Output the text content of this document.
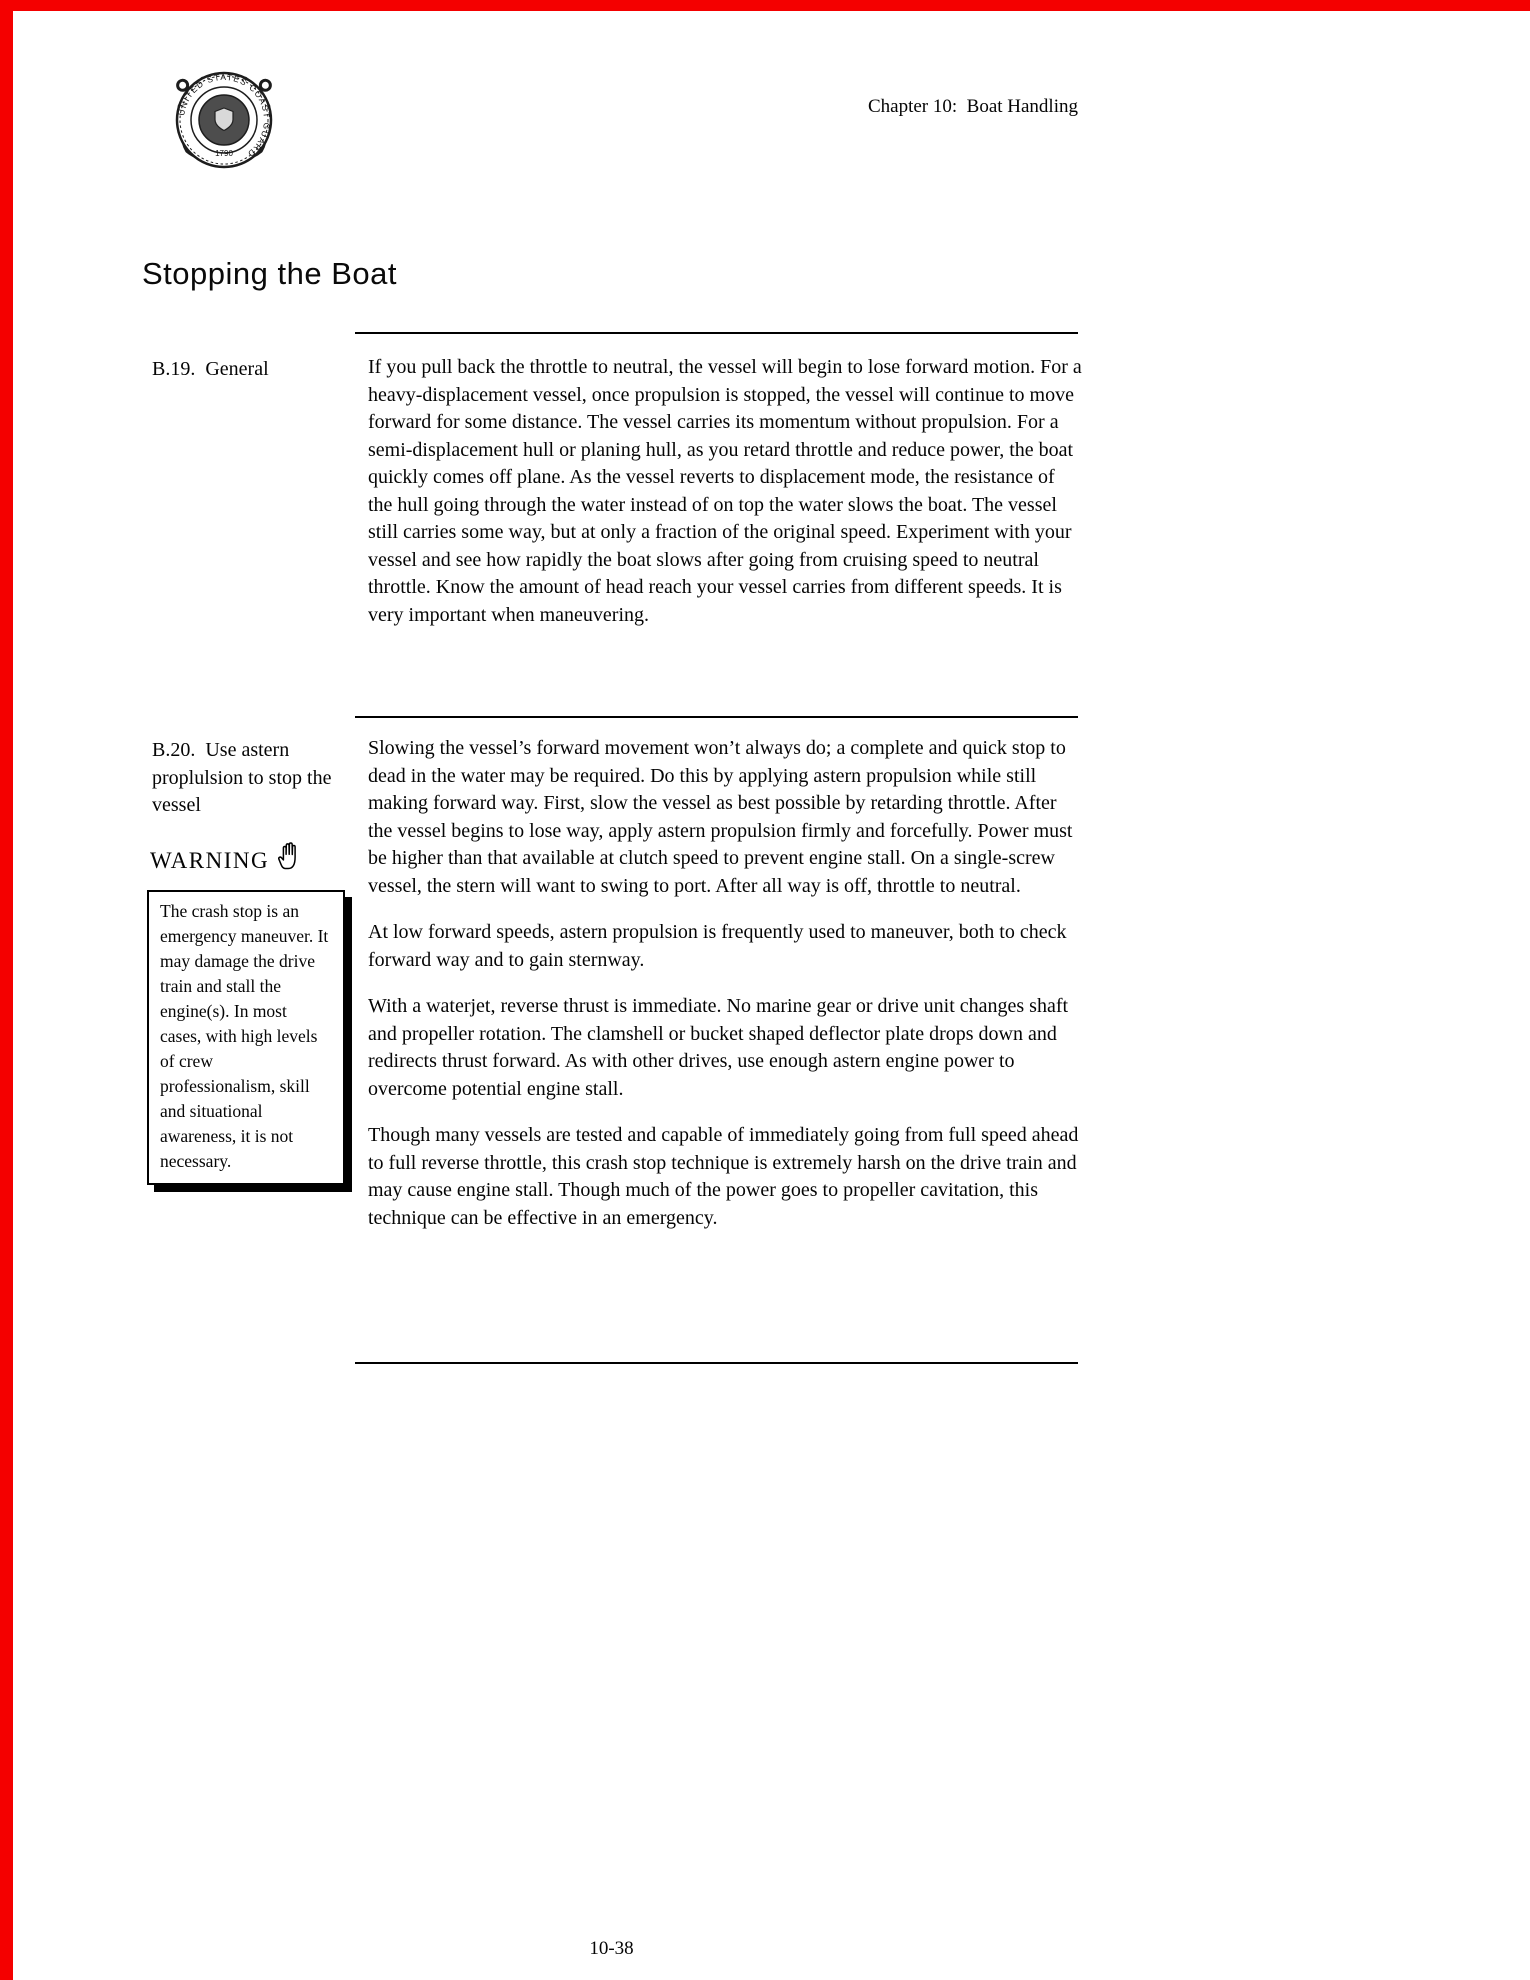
UNITED STATES COAST GUARD
1790
Chapter 10:  Boat Handling
Stopping the Boat
B.19.  General	If you pull back the throttle to neutral, the vessel will begin to lose forward motion. For a heavy-displacement vessel, once propulsion is stopped, the vessel will continue to move forward for some distance. The vessel carries its momentum without propulsion. For a semi-displacement hull or planing hull, as you retard throttle and reduce power, the boat quickly comes off plane. As the vessel reverts to displacement mode, the resistance of the hull going through the water instead of on top the water slows the boat. The vessel still carries some way, but at only a fraction of the original speed. Experiment with your vessel and see how rapidly the boat slows after going from cruising speed to neutral throttle. Know the amount of head reach your vessel carries from different speeds. It is very important when maneuvering.

B.20.  Use astern proplulsion to stop the vessel
WARNING

The crash stop is an emergency maneuver. It may damage the drive train and stall the engine(s). In most cases, with high levels of crew professionalism, skill and situational awareness, it is not necessary.

Slowing the vessel’s forward movement won’t always do; a complete and quick stop to dead in the water may be required. Do this by applying astern propulsion while still making forward way. First, slow the vessel as best possible by retarding throttle. After the vessel begins to lose way, apply astern propulsion firmly and forcefully. Power must be higher than that available at clutch speed to prevent engine stall. On a single-screw vessel, the stern will want to swing to port. After all way is off, throttle to neutral.

At low forward speeds, astern propulsion is frequently used to maneuver, both to check forward way and to gain sternway.

With a waterjet, reverse thrust is immediate. No marine gear or drive unit changes shaft and propeller rotation. The clamshell or bucket shaped deflector plate drops down and redirects thrust forward. As with other drives, use enough astern engine power to overcome potential engine stall.

Though many vessels are tested and capable of immediately going from full speed ahead to full reverse throttle, this crash stop technique is extremely harsh on the drive train and may cause engine stall. Though much of the power goes to propeller cavitation, this technique can be effective in an emergency.

10-38
